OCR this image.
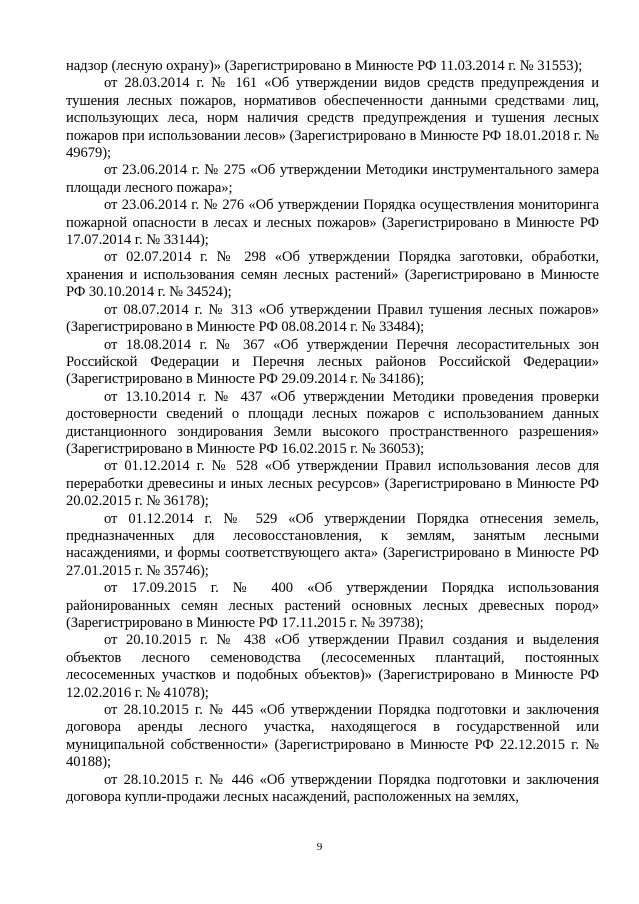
надзор (лесную охрану)» (Зарегистрировано в Минюсте РФ 11.03.2014 г. № 31553);

от 28.03.2014 г. № 161 «Об утверждении видов средств предупреждения и тушения лесных пожаров, нормативов обеспеченности данными средствами лиц, использующих леса, норм наличия средств предупреждения и тушения лесных пожаров при использовании лесов» (Зарегистрировано в Минюсте РФ 18.01.2018 г. № 49679);

от 23.06.2014 г. № 275 «Об утверждении Методики инструментального замера площади лесного пожара»;

от 23.06.2014 г. № 276 «Об утверждении Порядка осуществления мониторинга пожарной опасности в лесах и лесных пожаров» (Зарегистрировано в Минюсте РФ 17.07.2014 г. № 33144);

от 02.07.2014 г. № 298 «Об утверждении Порядка заготовки, обработки, хранения и использования семян лесных растений» (Зарегистрировано в Минюсте РФ 30.10.2014 г. № 34524);

от 08.07.2014 г. № 313 «Об утверждении Правил тушения лесных пожаров» (Зарегистрировано в Минюсте РФ 08.08.2014 г. № 33484);

от 18.08.2014 г. № 367 «Об утверждении Перечня лесорастительных зон Российской Федерации и Перечня лесных районов Российской Федерации» (Зарегистрировано в Минюсте РФ 29.09.2014 г. № 34186);

от 13.10.2014 г. № 437 «Об утверждении Методики проведения проверки достоверности сведений о площади лесных пожаров с использованием данных дистанционного зондирования Земли высокого пространственного разрешения» (Зарегистрировано в Минюсте РФ 16.02.2015 г. № 36053);

от 01.12.2014 г. № 528 «Об утверждении Правил использования лесов для переработки древесины и иных лесных ресурсов» (Зарегистрировано в Минюсте РФ 20.02.2015 г. № 36178);

от 01.12.2014 г. № 529 «Об утверждении Порядка отнесения земель, предназначенных для лесовосстановления, к землям, занятым лесными насаждениями, и формы соответствующего акта» (Зарегистрировано в Минюсте РФ 27.01.2015 г. № 35746);

от 17.09.2015 г. № 400 «Об утверждении Порядка использования районированных семян лесных растений основных лесных древесных пород» (Зарегистрировано в Минюсте РФ 17.11.2015 г. № 39738);

от 20.10.2015 г. № 438 «Об утверждении Правил создания и выделения объектов лесного семеноводства (лесосеменных плантаций, постоянных лесосеменных участков и подобных объектов)» (Зарегистрировано в Минюсте РФ 12.02.2016 г. № 41078);

от 28.10.2015 г. № 445 «Об утверждении Порядка подготовки и заключения договора аренды лесного участка, находящегося в государственной или муниципальной собственности» (Зарегистрировано в Минюсте РФ 22.12.2015 г. № 40188);

от 28.10.2015 г. № 446 «Об утверждении Порядка подготовки и заключения договора купли-продажи лесных насаждений, расположенных на землях,

9
